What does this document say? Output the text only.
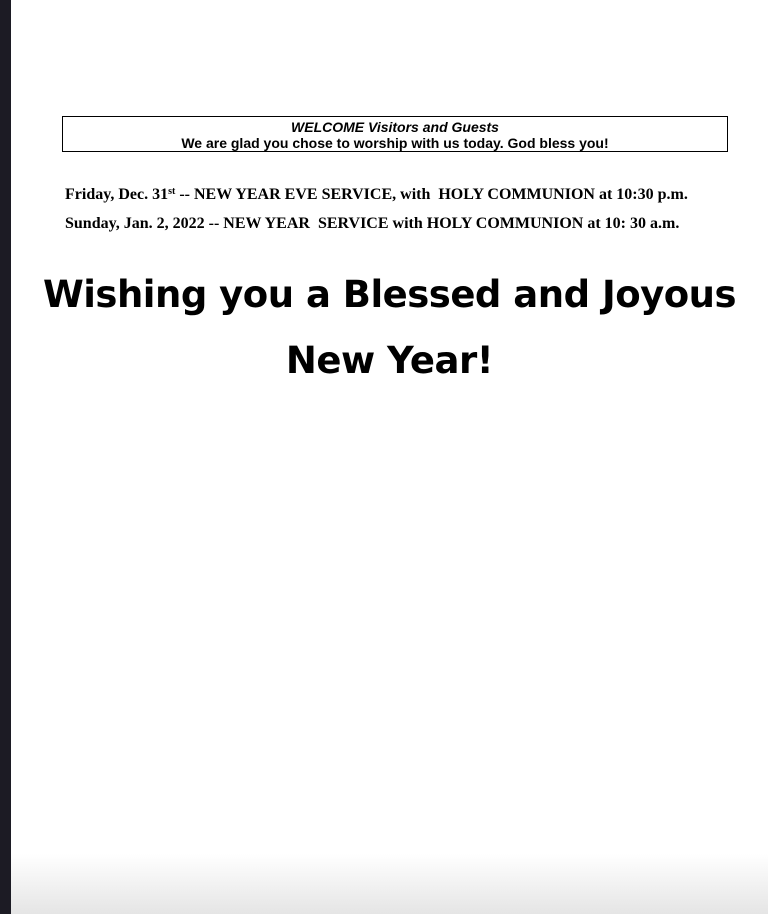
WELCOME Visitors and Guests
We are glad you chose to worship with us today. God bless you!
Friday, Dec. 31st -- NEW YEAR EVE SERVICE, with  HOLY COMMUNION at 10:30 p.m.
Sunday, Jan. 2, 2022 -- NEW YEAR  SERVICE with HOLY COMMUNION at 10: 30 a.m.
Wishing you a Blessed and Joyous
New Year!
